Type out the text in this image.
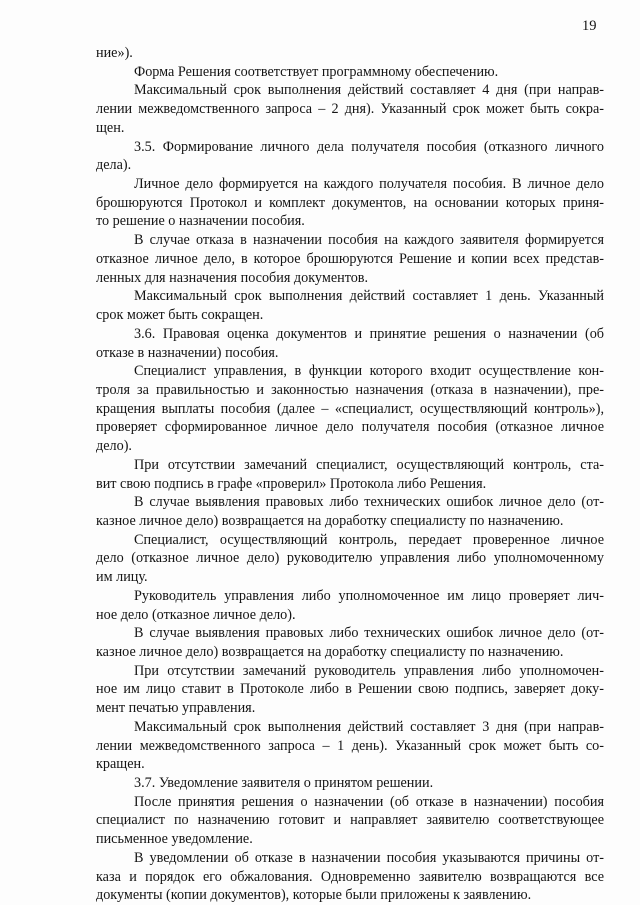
19
ние»).
Форма Решения соответствует программному обеспечению.
Максимальный срок выполнения действий составляет 4 дня (при направ-
лении межведомственного запроса – 2 дня). Указанный срок может быть сокра-
щен.
3.5. Формирование личного дела получателя пособия (отказного личного
дела).
Личное дело формируется на каждого получателя пособия. В личное дело
брошюруются Протокол и комплект документов, на основании которых приня-
то решение о назначении пособия.
В случае отказа в назначении пособия на каждого заявителя формируется
отказное личное дело, в которое брошюруются Решение и копии всех представ-
ленных для назначения пособия документов.
Максимальный срок выполнения действий составляет 1 день. Указанный
срок может быть сокращен.
3.6. Правовая оценка документов и принятие решения о назначении (об
отказе в назначении) пособия.
Специалист управления, в функции которого входит осуществление кон-
троля за правильностью и законностью назначения (отказа в назначении), пре-
кращения выплаты пособия (далее – «специалист, осуществляющий контроль»),
проверяет сформированное личное дело получателя пособия (отказное личное
дело).
При отсутствии замечаний специалист, осуществляющий контроль, ста-
вит свою подпись в графе «проверил» Протокола либо Решения.
В случае выявления правовых либо технических ошибок личное дело (от-
казное личное дело) возвращается на доработку специалисту по назначению.
Специалист, осуществляющий контроль, передает проверенное личное
дело (отказное личное дело) руководителю управления либо уполномоченному
им лицу.
Руководитель управления либо уполномоченное им лицо проверяет лич-
ное дело (отказное личное дело).
В случае выявления правовых либо технических ошибок личное дело (от-
казное личное дело) возвращается на доработку специалисту по назначению.
При отсутствии замечаний руководитель управления либо уполномочен-
ное им лицо ставит в Протоколе либо в Решении свою подпись, заверяет доку-
мент печатью управления.
Максимальный срок выполнения действий составляет 3 дня (при направ-
лении межведомственного запроса – 1 день). Указанный срок может быть со-
кращен.
3.7. Уведомление заявителя о принятом решении.
После принятия решения о назначении (об отказе в назначении) пособия
специалист по назначению готовит и направляет заявителю соответствующее
письменное уведомление.
В уведомлении об отказе в назначении пособия указываются причины от-
каза и порядок его обжалования. Одновременно заявителю возвращаются все
документы (копии документов), которые были приложены к заявлению.
